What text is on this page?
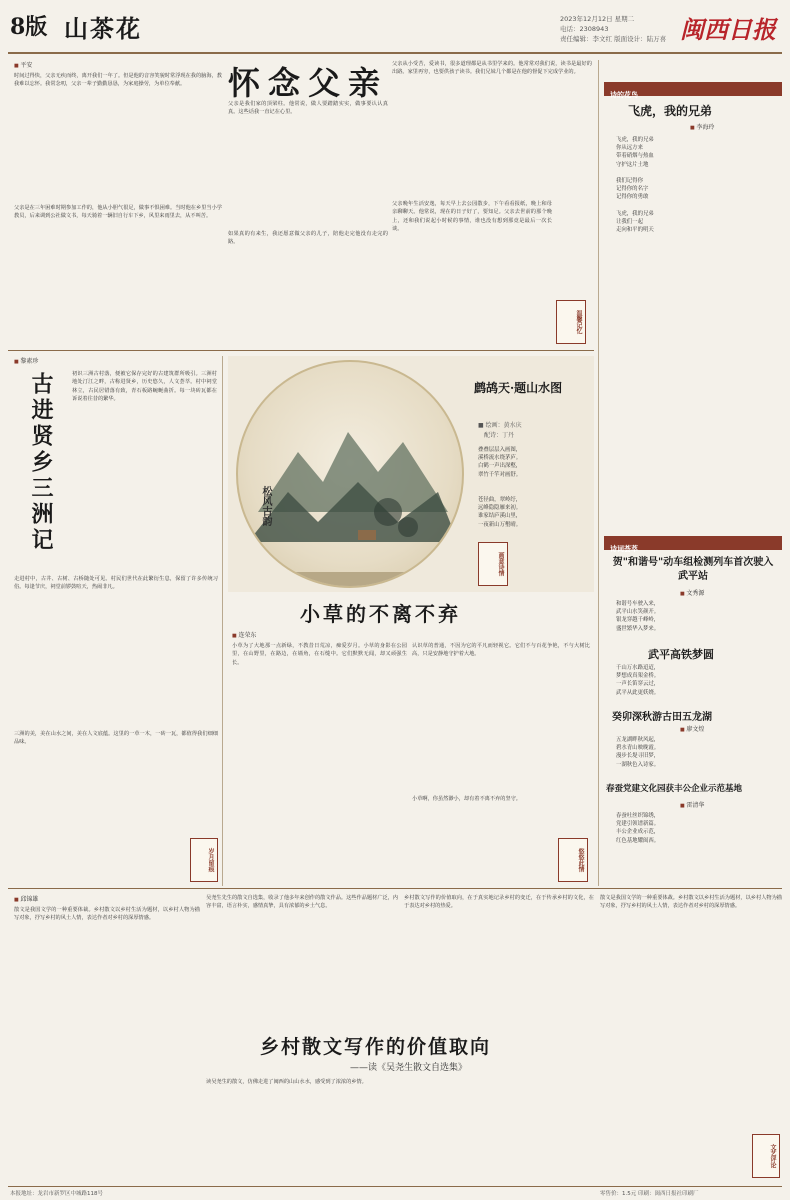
8版 山茶花	2023年12月12日 星期二
电话：2308943
责任编辑：李文红 版面设计：陆万喜 闽西日报
■ 平安	怀念父亲
时间过得快，父亲无疾而终，离开我们一年了。但是他的音容笑貌时常浮现在我的脑海，教我难以忘怀。我常念叨，父亲一辈子勤勤恳恳，为家庭操劳，为单位奉献。
父亲是在三年困难时期参加工作的，他从小胆气很足，做事不惧困难。当时他在乡里当小学教员，后来调到公社做文书，每天骑着一辆旧自行车下乡，风里来雨里去，从不叫苦。
父亲是我们家的顶梁柱。他常说，做人要踏踏实实，做事要认认真真。这些话我一直记在心里。
如果真的有来生，我还愿意做父亲的儿子，陪他走完他没有走完的路。
父亲从小受苦，爱读书，很多道理都是从书里学来的。他常常对我们说，读书是最好的出路。家里再穷，也要供孩子读书。我们兄妹几个都是在他的督促下完成学业的。
父亲晚年生活安逸，每天早上去公园散步，下午看看报纸，晚上和母亲聊聊天。他常说，现在的日子好了，要知足。父亲去世前的那个晚上，还和我们说起小时候的事情，谁也没有想到那竟是最后一次长谈。
温馨记忆
■ 黎素珍
古进贤乡三洲记	初识三洲古村落，便被它保存完好的古建筑群所吸引。三洲村地处汀江之畔，古称进贤乡，历史悠久，人文荟萃。村中祠堂林立，古民居错落有致，青石板路蜿蜒曲折。每一块砖瓦都在诉说着往昔的繁华。
走进村中，古井、古树、古桥随处可见。村民们世代在此繁衍生息，保留了许多传统习俗。每逢节庆，祠堂前锣鼓喧天，热闹非凡。
三洲的美，美在山水之间，美在人文底蕴。这里的一草一木，一砖一瓦，都值得我们细细品味。
岁月留痕
松风古韵
鹧鸪天·题山水图
■ 绘画：黄水庆
配诗：丁丹
叠叠层层入画图，
溪桥流水绕茅庐。
白鹤一声出深壑，
翠竹千竿对画舒。
苍径曲，翠岭纡，
远峰隐隐雁来初。
谁家结庐溪山里，
一夜新山万壑晴。
画意诗情
小草的不离不弃
■ 连荣东
小草为了大地那一点新绿，不教昔日荒凉，痴爱岁月。小草的身影在公园里，在山野里，在路边，在墙角，在石缝中。它们默默无闻，却又顽强生长。
认识草的普通，不因为它的平凡而轻视它。它们不与百花争艳，不与大树比高，只是安静地守护着大地。
小草啊，你虽然渺小，却有着不离不弃的坚守。
悠悠此情
诗的花鸟
飞虎，我的兄弟
■ 李海玲
飞虎，我的兄弟
你从远方来
带着硝烟与热血
守护这片土地

我们记得你
记得你的名字
记得你的勇敢

飞虎，我的兄弟
让我们一起
走向和平的明天
诗词荟萃
贺"和谐号"动车组检测列车首次驶入武平站
■ 文秀源
和谐号车驶入来，
武平山水笑颜开。
银龙穿越千峰岭，
盛世繁华入梦来。
武平高铁梦圆
千山万水路迢迢，
梦想成真架金桥。
一声长笛穿云过，
武平从此更妖娆。
癸卯深秋游古田五龙湖
■ 廖文煌
五龙湖畔秋风起，
碧水青山映晚霞。
漫步长堤寻旧梦，
一湖秋色入诗家。
春蚕党建文化园获丰公企业示范基地
■ 雷清华
春蚕吐丝织锦绣，
党建引领谱新篇。
丰公企业成示范，
红色基地耀闽西。
■ 邱锦雄
散文是我国文学的一种重要体裁。乡村散文以乡村生活为题材，以乡村人物为描写对象，抒写乡村的风土人情，表达作者对乡村的深厚情感。
吴尧生先生的散文自选集，收录了他多年来创作的散文作品。这些作品题材广泛，内容丰富，语言朴实，感情真挚，具有浓郁的乡土气息。
乡村散文写作的价值取向，在于真实地记录乡村的变迁，在于传承乡村的文化，在于表达对乡村的热爱。
乡村散文写作的价值取向
——读《吴尧生散文自选集》
读吴尧生的散文，仿佛走进了闽西的山山水水，感受到了浓浓的乡情。
散文是我国文学的一种重要体裁。乡村散文以乡村生活为题材，以乡村人物为描写对象，抒写乡村的风土人情，表达作者对乡村的深厚情感。
文艺评论
本报地址：龙岩市新罗区中城路118号	零售价：1.5元 印刷：闽西日报社印刷厂
